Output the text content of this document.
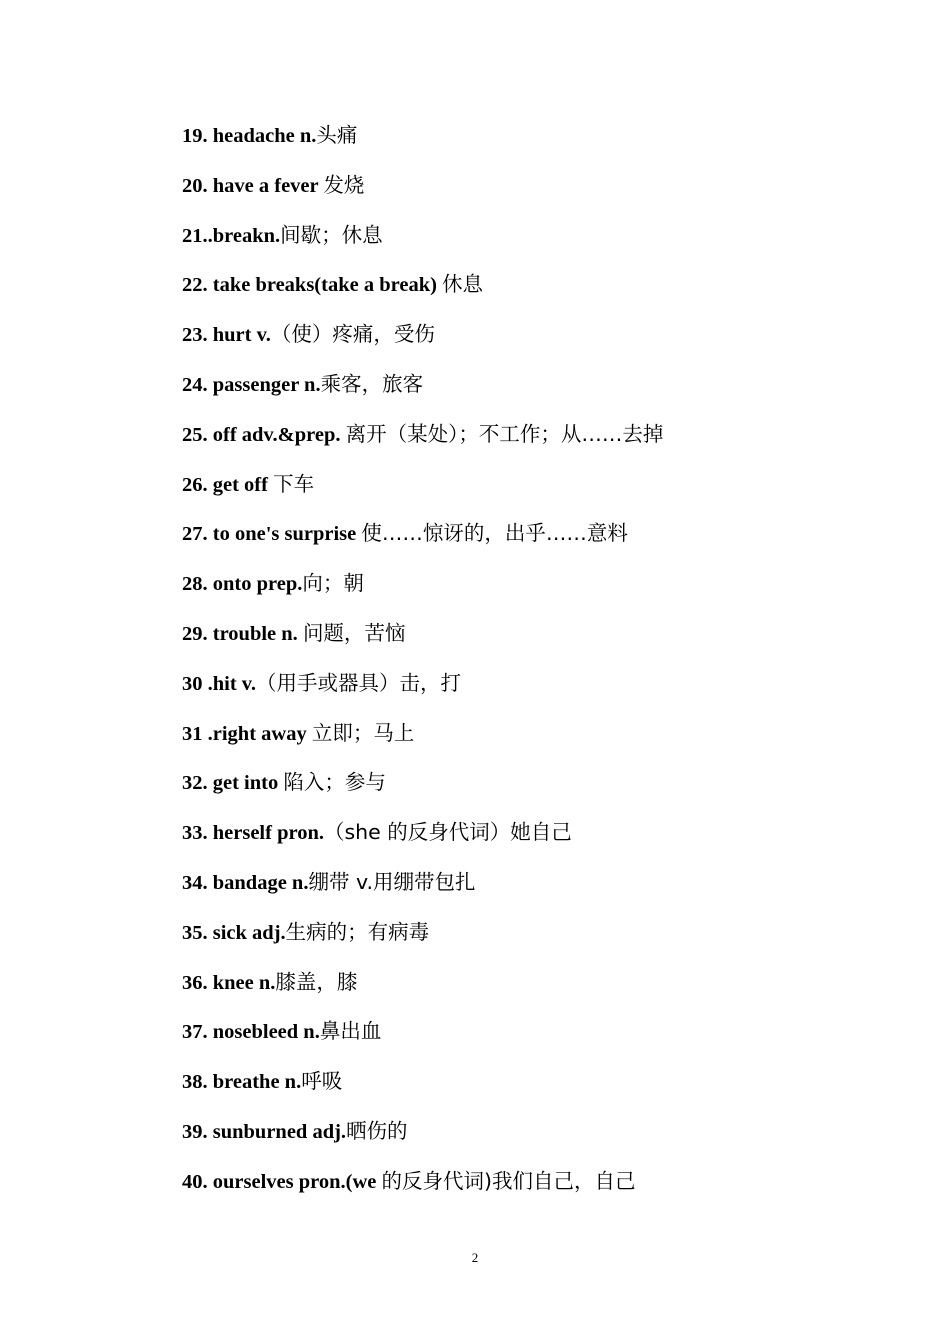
19. headache n.头痛
20. have a fever 发烧
21..breakn.间歇；休息
22. take breaks(take a break) 休息
23. hurt v.（使）疼痛，受伤
24. passenger n.乘客，旅客
25. off adv.&prep. 离开（某处）；不工作；从……去掉
26. get off 下车
27. to one's surprise 使……惊讶的，出乎……意料
28. onto prep.向；朝
29. trouble n. 问题，苦恼
30 .hit v.（用手或器具）击，打
31 .right away 立即；马上
32. get into 陷入；参与
33. herself pron.（she 的反身代词）她自己
34. bandage n.绷带 v.用绷带包扎
35. sick adj.生病的；有病毒
36. knee n.膝盖，膝
37. nosebleed n.鼻出血
38. breathe n.呼吸
39. sunburned adj.晒伤的
40. ourselves pron.(we 的反身代词)我们自己，自己
2
